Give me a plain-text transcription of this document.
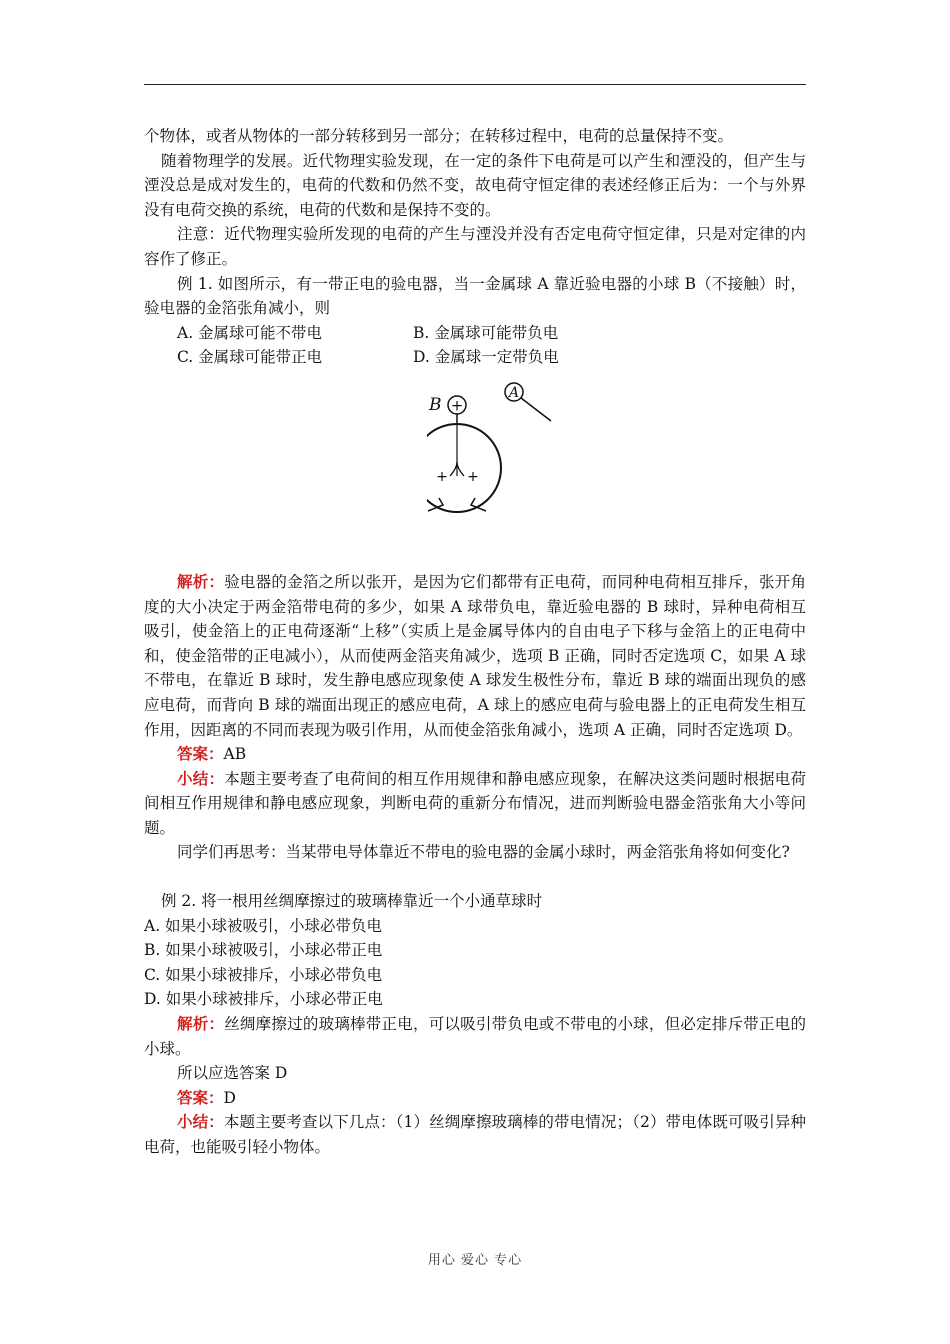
个物体，或者从物体的一部分转移到另一部分；在转移过程中，电荷的总量保持不变。

随着物理学的发展。近代物理实验发现，在一定的条件下电荷是可以产生和湮没的，但产生与湮没总是成对发生的，电荷的代数和仍然不变，故电荷守恒定律的表述经修正后为：一个与外界没有电荷交换的系统，电荷的代数和是保持不变的。

注意：近代物理实验所发现的电荷的产生与湮没并没有否定电荷守恒定律，只是对定律的内容作了修正。

例 1. 如图所示，有一带正电的验电器，当一金属球 A 靠近验电器的小球 B（不接触）时，验电器的金箔张角减小，则

A. 金属球可能不带电	B. 金属球可能带负电
C. 金属球可能带正电	D. 金属球一定带负电
B +
+ +
A

解析：验电器的金箔之所以张开，是因为它们都带有正电荷，而同种电荷相互排斥，张开角度的大小决定于两金箔带电荷的多少，如果 A 球带负电，靠近验电器的 B 球时，异种电荷相互吸引，使金箔上的正电荷逐渐“上移”（实质上是金属导体内的自由电子下移与金箔上的正电荷中和，使金箔带的正电减小），从而使两金箔夹角减少，选项 B 正确，同时否定选项 C，如果 A 球不带电，在靠近 B 球时，发生静电感应现象使 A 球发生极性分布，靠近 B 球的端面出现负的感应电荷，而背向 B 球的端面出现正的感应电荷，A 球上的感应电荷与验电器上的正电荷发生相互作用，因距离的不同而表现为吸引作用，从而使金箔张角减小，选项 A 正确，同时否定选项 D。

答案：AB

小结：本题主要考查了电荷间的相互作用规律和静电感应现象，在解决这类问题时根据电荷间相互作用规律和静电感应现象，判断电荷的重新分布情况，进而判断验电器金箔张角大小等问题。

同学们再思考：当某带电导体靠近不带电的验电器的金属小球时，两金箔张角将如何变化?

例 2. 将一根用丝绸摩擦过的玻璃棒靠近一个小通草球时

A. 如果小球被吸引，小球必带负电

B. 如果小球被吸引，小球必带正电

C. 如果小球被排斥，小球必带负电

D. 如果小球被排斥，小球必带正电

解析：丝绸摩擦过的玻璃棒带正电，可以吸引带负电或不带电的小球，但必定排斥带正电的小球。

所以应选答案 D

答案：D

小结：本题主要考查以下几点：（1）丝绸摩擦玻璃棒的带电情况；（2）带电体既可吸引异种电荷，也能吸引轻小物体。

用心 爱心 专心
